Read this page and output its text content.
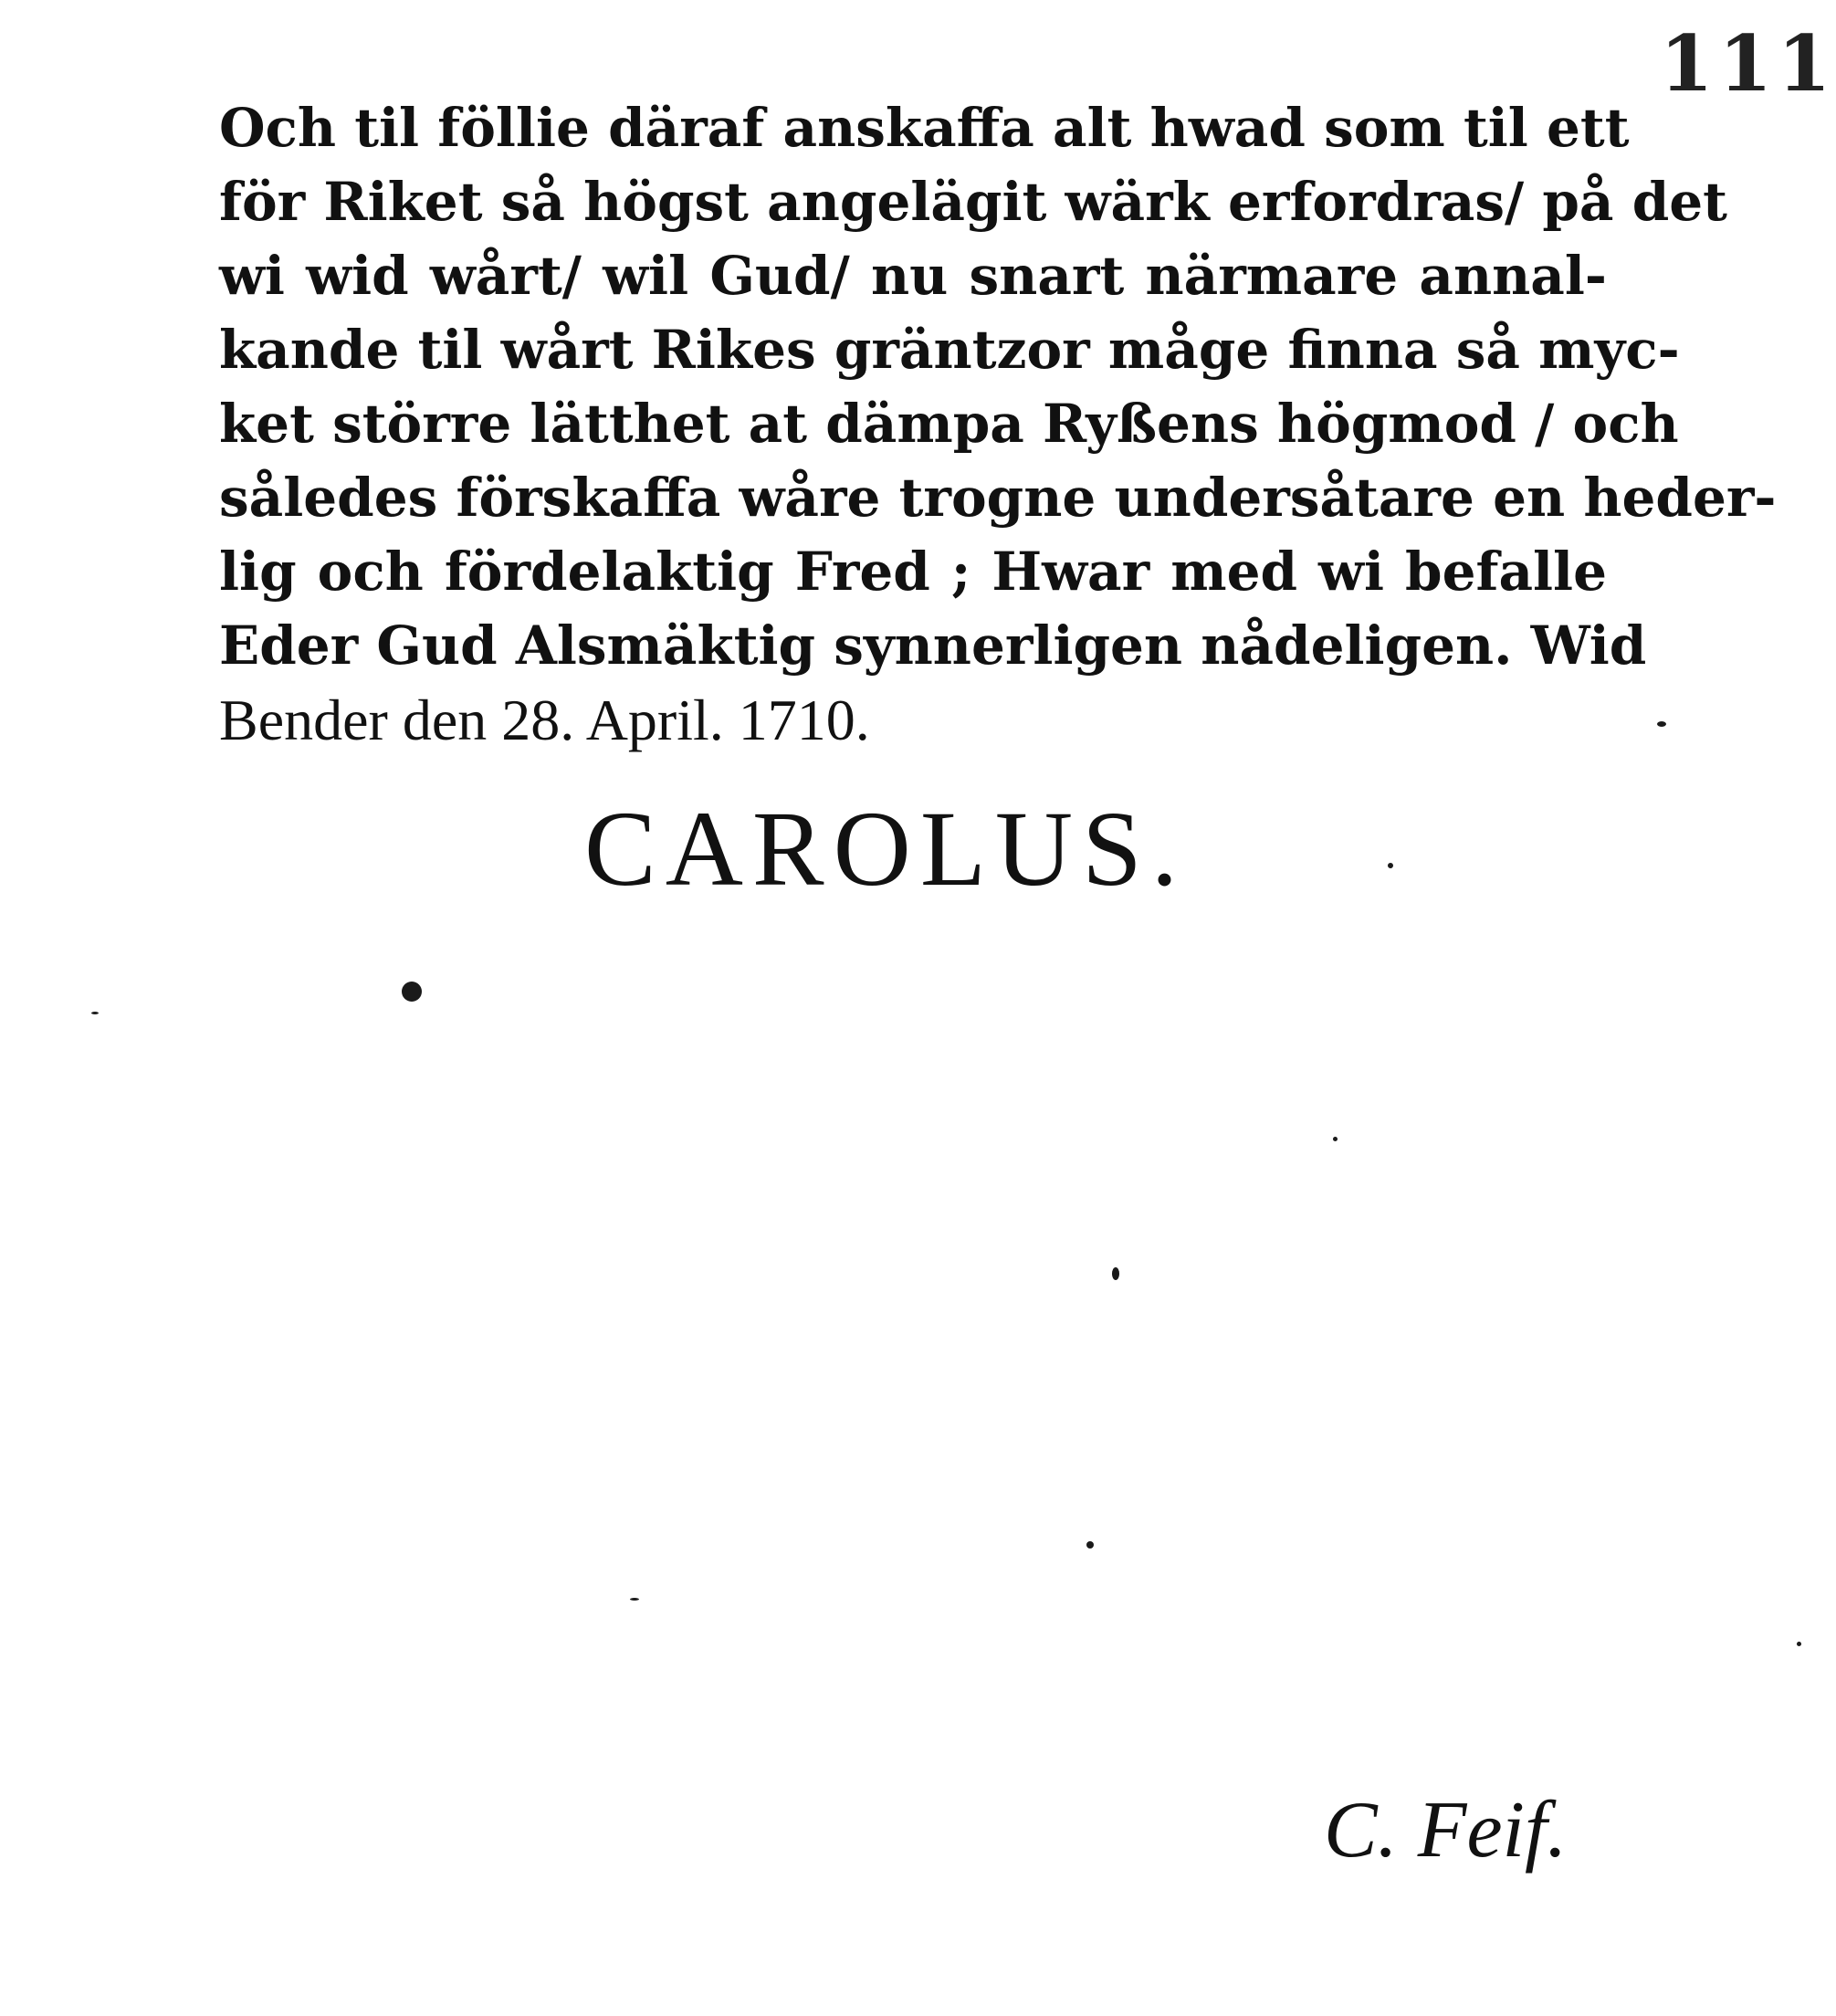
111
Och til föllie däraf anskaffa alt hwad som til ett
för Riket så högst angelägit wärk erfordras/ på det
wi wid wårt/ wil Gud/ nu snart närmare annal-
kande til wårt Rikes gräntzor måge finna så myc-
ket större lätthet at dämpa Ryßens högmod / och
således förskaffa wåre trogne undersåtare en heder-
lig och fördelaktig Fred ; Hwar med wi befalle
Eder Gud Alsmäktig synnerligen nådeligen. Wid
Bender den 28. April. 1710.
CAROLUS.
C. Feif.
